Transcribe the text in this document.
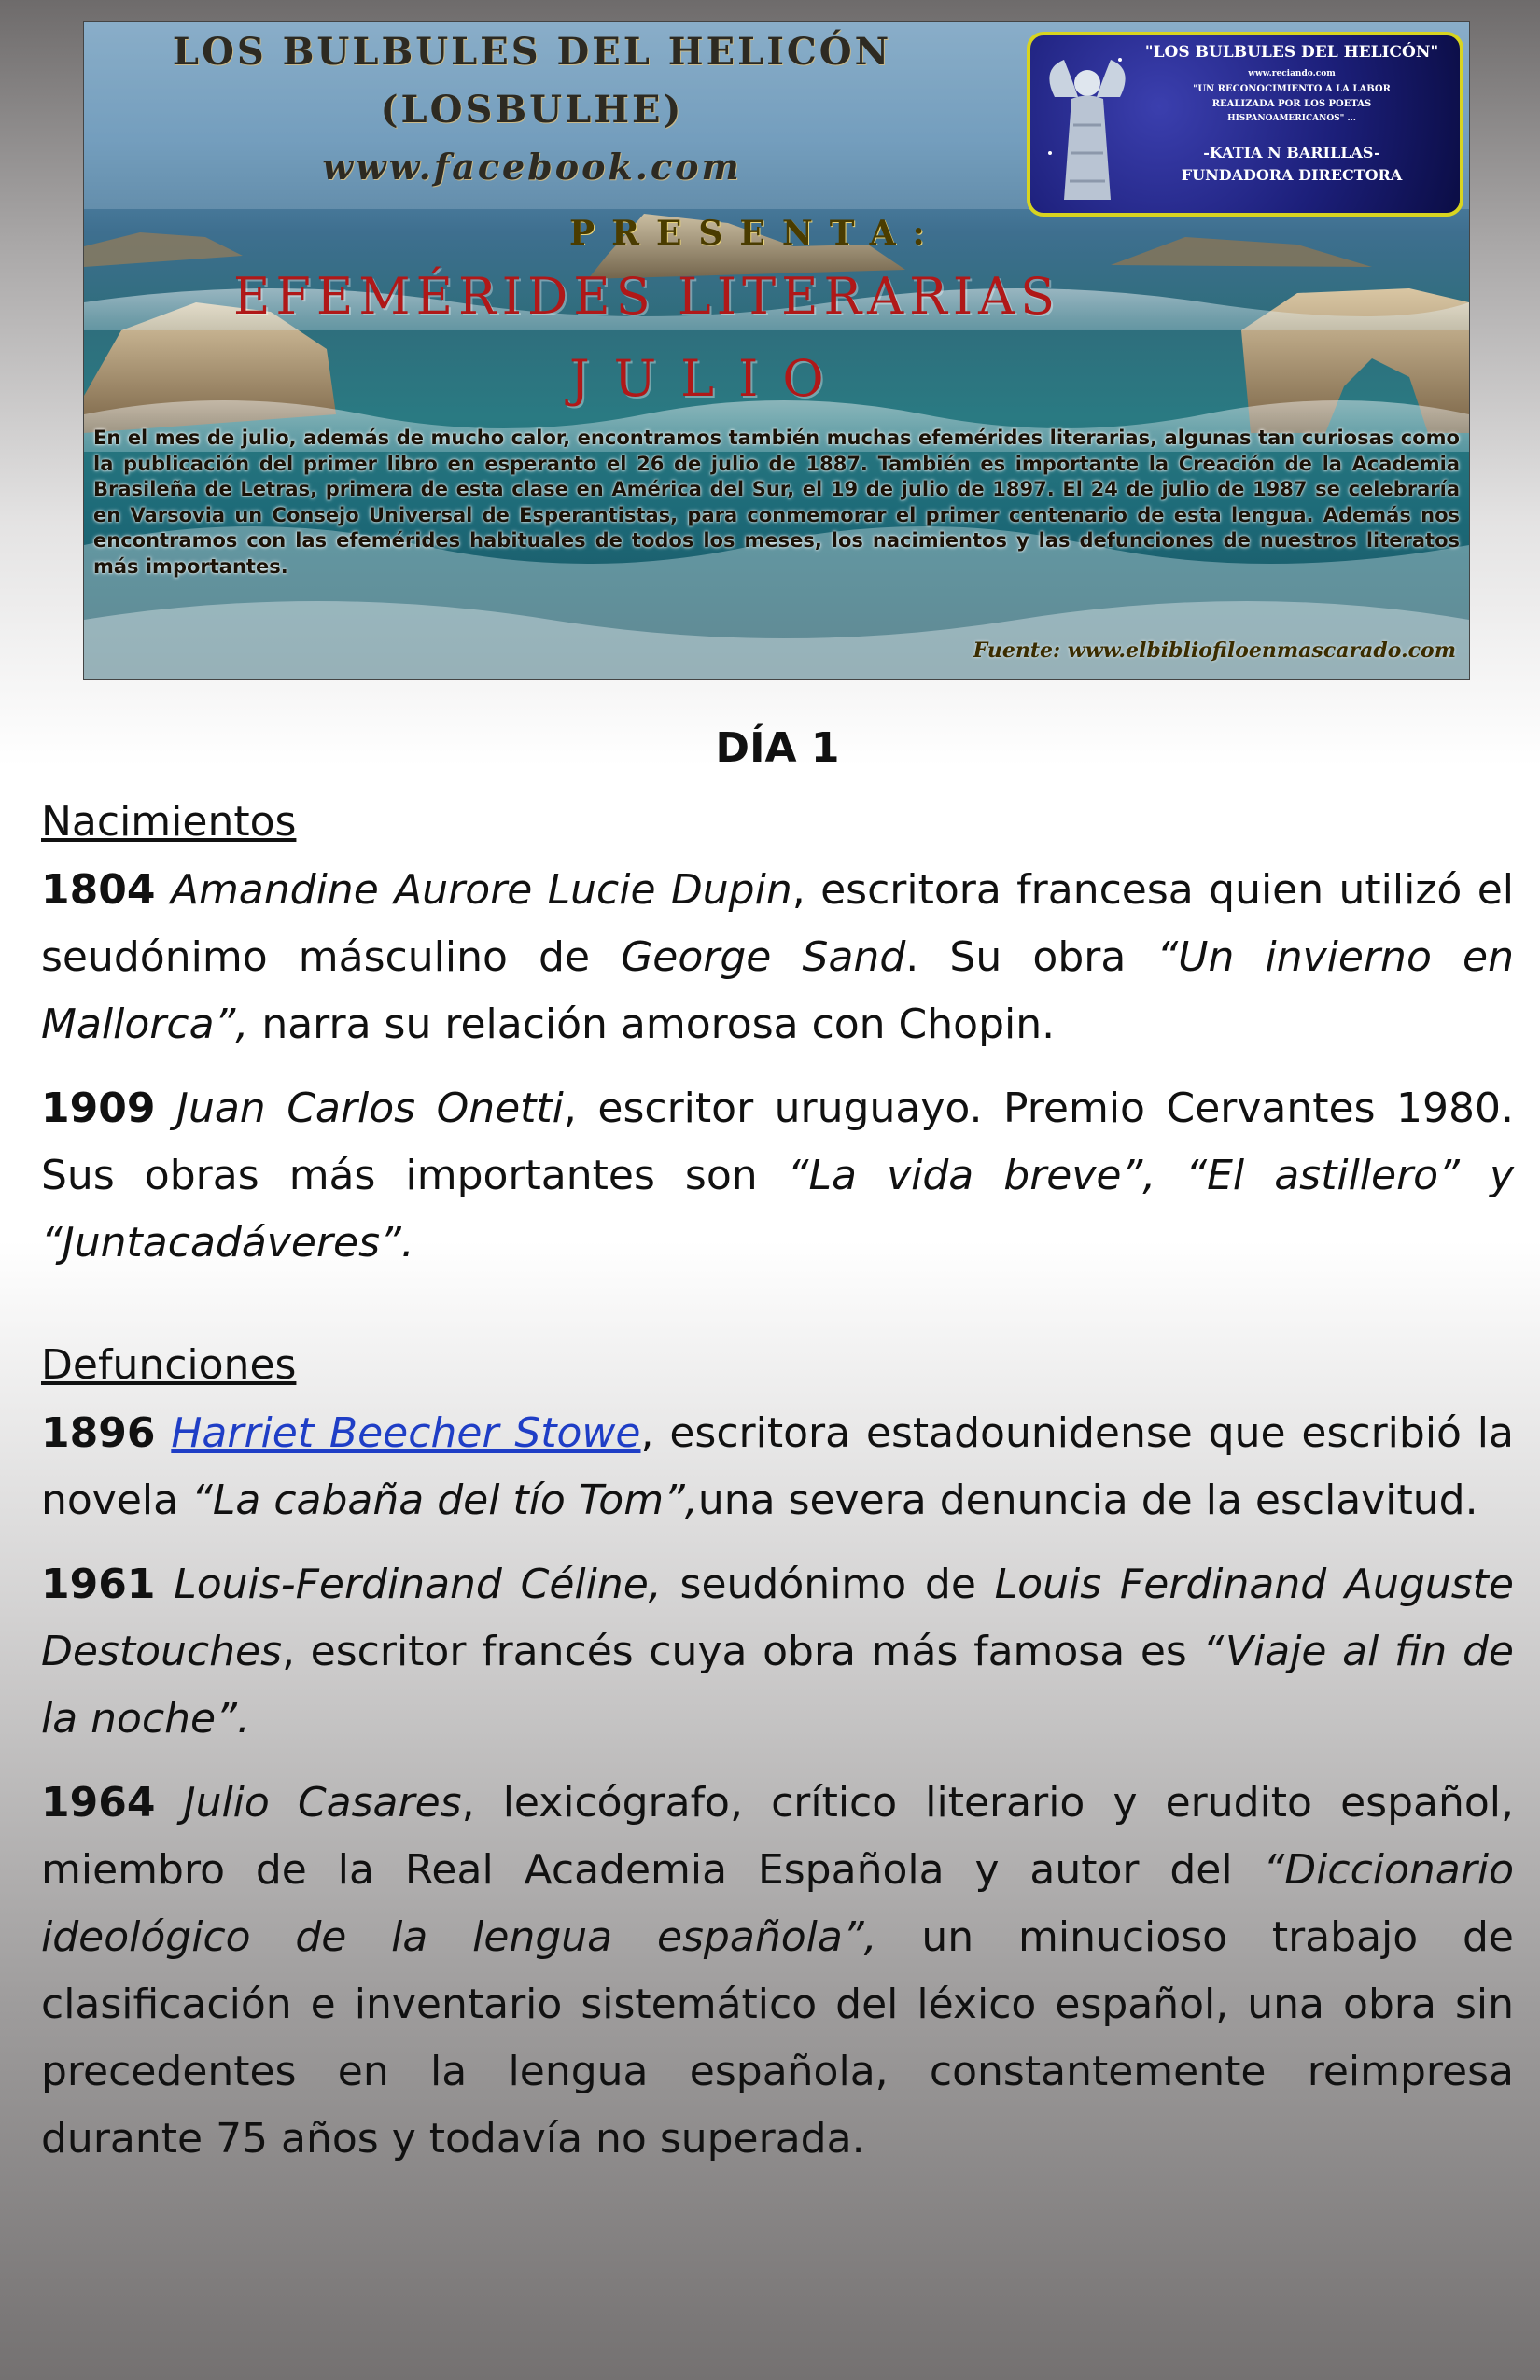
LOS BULBULES DEL HELICÓN

(LOSBULHE)

www.facebook.com

PRESENTA:

EFEMÉRIDES LITERARIAS

JULIO

"LOS BULBULES DEL HELICÓN"

www.reciando.com

"UN RECONOCIMIENTO A LA LABOR

REALIZADA POR LOS POETAS

HISPANOAMERICANOS" ...

-KATIA N BARILLAS-

FUNDADORA DIRECTORA

En el mes de julio, además de mucho calor, encontramos también muchas efemérides literarias, algunas tan curiosas como la publicación del primer libro en esperanto el 26 de julio de 1887. También es importante la Creación de la Academia Brasileña de Letras, primera de esta clase en América del Sur, el 19 de julio de 1897. El 24 de julio de 1987 se celebraría en Varsovia un Consejo Universal de Esperantistas, para conmemorar el primer centenario de esta lengua. Además nos encontramos con las efemérides habituales de todos los meses, los nacimientos y las defunciones de nuestros literatos más importantes.

Fuente: www.elbibliofiloenmascarado.com

DÍA 1

Nacimientos

1804 Amandine Aurore Lucie Dupin, escritora francesa quien utilizó el seudónimo másculino de George Sand. Su obra “Un invierno en Mallorca”, narra su relación amorosa con Chopin.

1909 Juan Carlos Onetti, escritor uruguayo. Premio Cervantes 1980. Sus obras más importantes son “La vida breve”, “El astillero” y “Juntacadáveres”.

Defunciones

1896 Harriet Beecher Stowe, escritora estadounidense que escribió la novela “La cabaña del tío Tom”,una severa denuncia de la esclavitud.

1961 Louis-Ferdinand Céline, seudónimo de Louis Ferdinand Auguste Destouches, escritor francés cuya obra más famosa es “Viaje al fin de la noche”.

1964 Julio Casares, lexicógrafo, crítico literario y erudito español, miembro de la Real Academia Española y autor del “Diccionario ideológico de la lengua española”, un minucioso trabajo de clasificación e inventario sistemático del léxico español, una obra sin precedentes en la lengua española, constantemente reimpresa durante 75 años y todavía no superada.
